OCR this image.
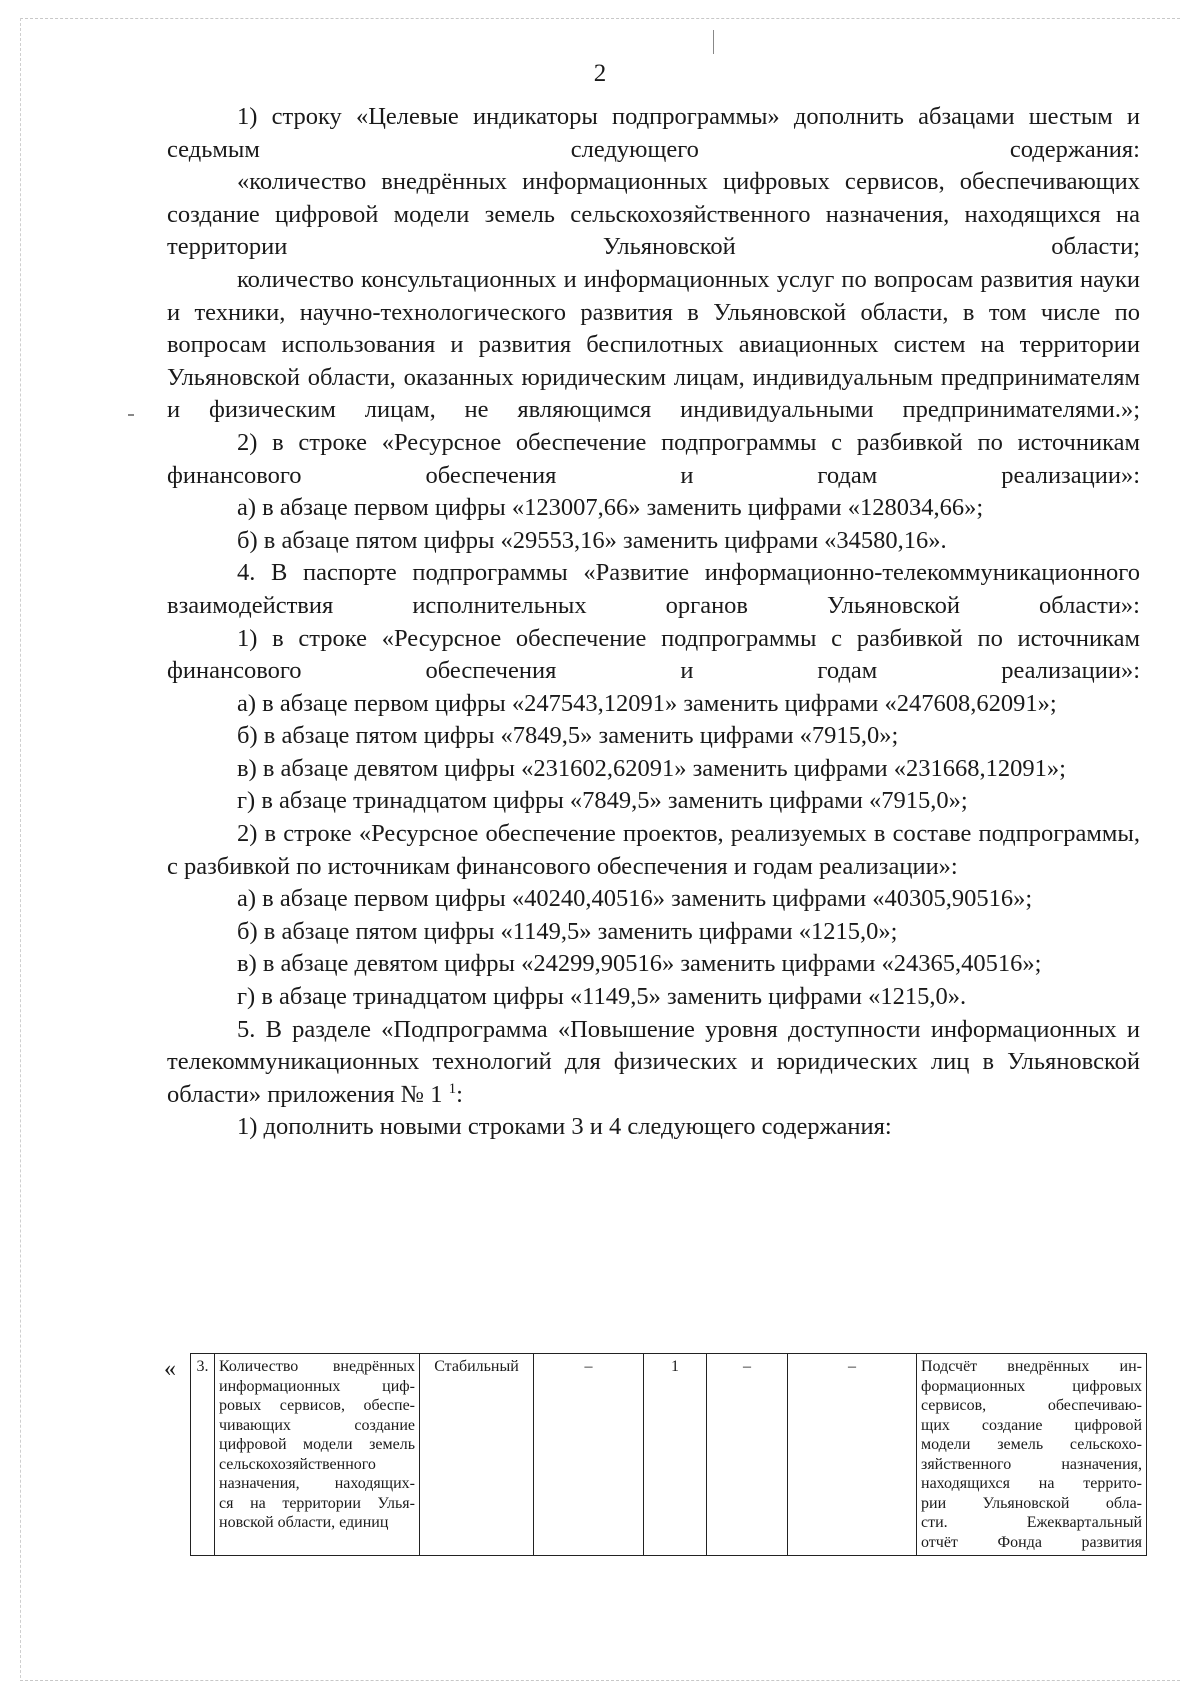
2

1) строку «Целевые индикаторы подпрограммы» дополнить абзацами шестым и седьмым следующего содержания:

«количество внедрённых информационных цифровых сервисов, обеспечивающих создание цифровой модели земель сельскохозяйственного назначения, находящихся на территории Ульяновской области;

количество консультационных и информационных услуг по вопросам развития науки и техники, научно-технологического развития в Ульяновской области, в том числе по вопросам использования и развития беспилотных авиационных систем на территории Ульяновской области, оказанных юридическим лицам, индивидуальным предпринимателям и физическим лицам, не являющимся индивидуальными предпринимателями.»;

2) в строке «Ресурсное обеспечение подпрограммы с разбивкой по источникам финансового обеспечения и годам реализации»:

а) в абзаце первом цифры «123007,66» заменить цифрами «128034,66»;

б) в абзаце пятом цифры «29553,16» заменить цифрами «34580,16».

4. В паспорте подпрограммы «Развитие информационно-телекоммуникационного взаимодействия исполнительных органов Ульяновской области»:

1) в строке «Ресурсное обеспечение подпрограммы с разбивкой по источникам финансового обеспечения и годам реализации»:

а) в абзаце первом цифры «247543,12091» заменить цифрами «247608,62091»;

б) в абзаце пятом цифры «7849,5» заменить цифрами «7915,0»;

в) в абзаце девятом цифры «231602,62091» заменить цифрами «231668,12091»;

г) в абзаце тринадцатом цифры «7849,5» заменить цифрами «7915,0»;

2) в строке «Ресурсное обеспечение проектов, реализуемых в составе подпрограммы, с разбивкой по источникам финансового обеспечения и годам реализации»:

а) в абзаце первом цифры «40240,40516» заменить цифрами «40305,90516»;

б) в абзаце пятом цифры «1149,5» заменить цифрами «1215,0»;

в) в абзаце девятом цифры «24299,90516» заменить цифрами «24365,40516»;

г) в абзаце тринадцатом цифры «1149,5» заменить цифрами «1215,0».

5. В разделе «Подпрограмма «Повышение уровня доступности информационных и телекоммуникационных технологий для физических и юридических лиц в Ульяновской области» приложения № 1 $^1$:

1) дополнить новыми строками 3 и 4 следующего содержания:

« 3.	Количество внедрённых
информационных циф-
ровых сервисов, обеспе-
чивающих создание
цифровой модели земель
сельскохозяйственного
назначения, находящих-
ся на территории Улья-
новской области, единиц
	Стабильный	–	1	–	–	Подсчёт внедрённых ин-
формационных цифровых
сервисов, обеспечиваю-
щих создание цифровой
модели земель сельскохо-
зяйственного назначения,
находящихся на террито-
рии Ульяновской обла-
сти. Ежеквартальный
отчёт Фонда развития
